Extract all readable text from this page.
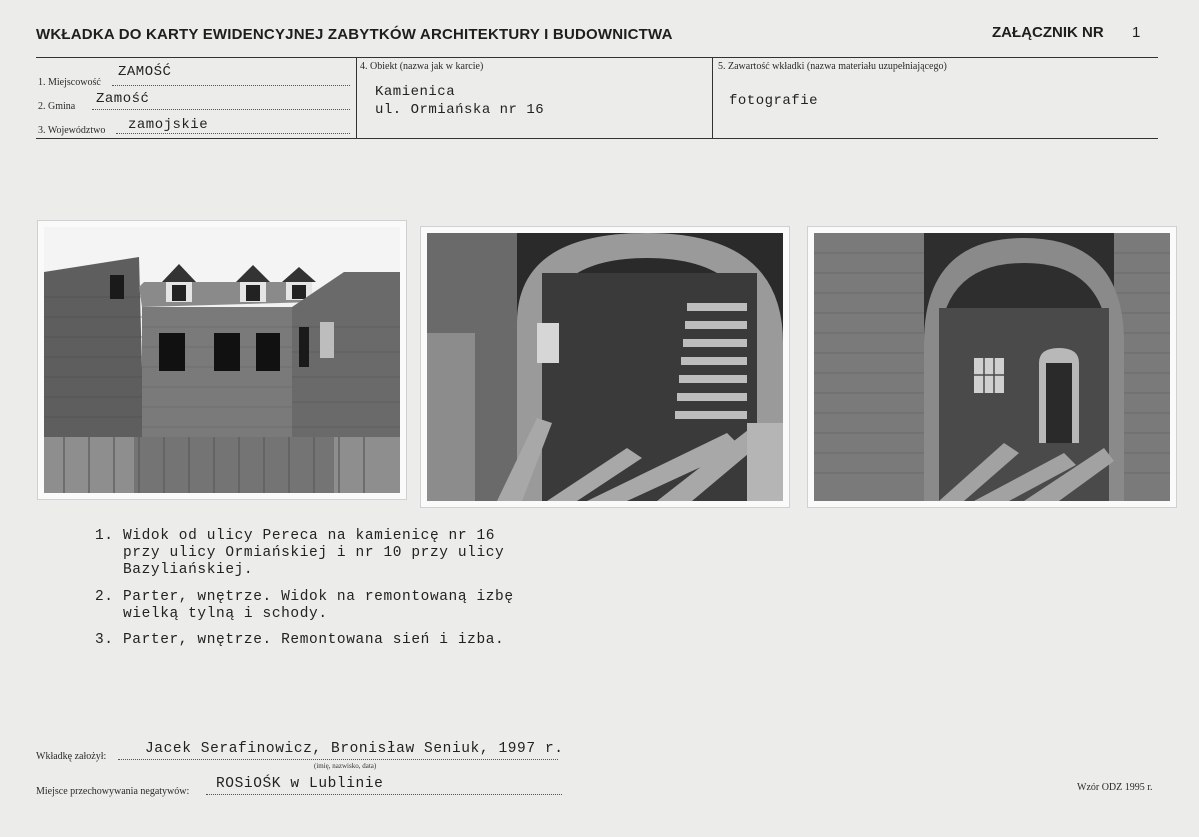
WKŁADKA DO KARTY EWIDENCYJNEJ ZABYTKÓW ARCHITEKTURY I BUDOWNICTWA	ZAŁĄCZNIK NR 1
1. Miejscowość
ZAMOŚĆ
2. Gmina Zamość
3. Województwo zamojskie
4. Obiekt (nazwa jak w karcie)
Kamienica
ul. Ormiańska nr 16
5. Zawartość wkładki (nazwa materiału uzupełniającego)
fotografie
1. Widok od ulicy Pereca na kamienicę nr 16
przy ulicy Ormiańskiej i nr 10 przy ulicy
Bazyliańskiej.
2. Parter, wnętrze. Widok na remontowaną izbę
wielką tylną i schody.
3. Parter, wnętrze. Remontowana sień i izba.
Wkładkę założył:	Jacek Serafinowicz, Bronisław Seniuk, 1997 r.
(imię, nazwisko, data)
Miejsce przechowywania negatywów: ROSiOŚK w Lublinie	Wzór ODZ 1995 r.
